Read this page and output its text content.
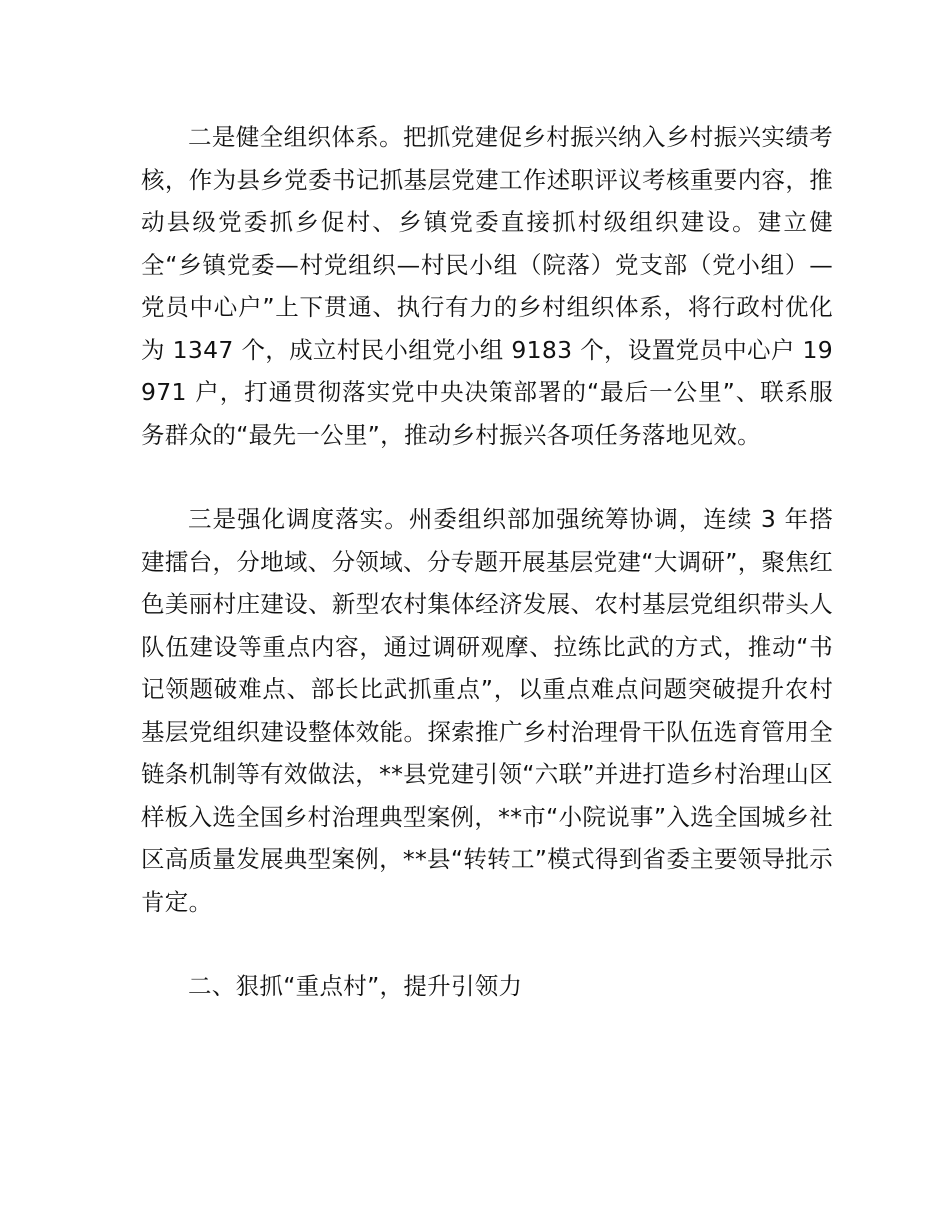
二是健全组织体系。把抓党建促乡村振兴纳入乡村振兴实绩考核，作为县乡党委书记抓基层党建工作述职评议考核重要内容，推动县级党委抓乡促村、乡镇党委直接抓村级组织建设。建立健全“乡镇党委—村党组织—村民小组（院落）党支部（党小组）—党员中心户”上下贯通、执行有力的乡村组织体系，将行政村优化为 1347 个，成立村民小组党小组 9183 个，设置党员中心户 19971 户，打通贯彻落实党中央决策部署的“最后一公里”、联系服务群众的“最先一公里”，推动乡村振兴各项任务落地见效。

三是强化调度落实。州委组织部加强统筹协调，连续 3 年搭建擂台，分地域、分领域、分专题开展基层党建“大调研”，聚焦红色美丽村庄建设、新型农村集体经济发展、农村基层党组织带头人队伍建设等重点内容，通过调研观摩、拉练比武的方式，推动“书记领题破难点、部长比武抓重点”，以重点难点问题突破提升农村基层党组织建设整体效能。探索推广乡村治理骨干队伍选育管用全链条机制等有效做法，**县党建引领“六联”并进打造乡村治理山区样板入选全国乡村治理典型案例，**市“小院说事”入选全国城乡社区高质量发展典型案例，**县“转转工”模式得到省委主要领导批示肯定。

二、狠抓“重点村”，提升引领力
